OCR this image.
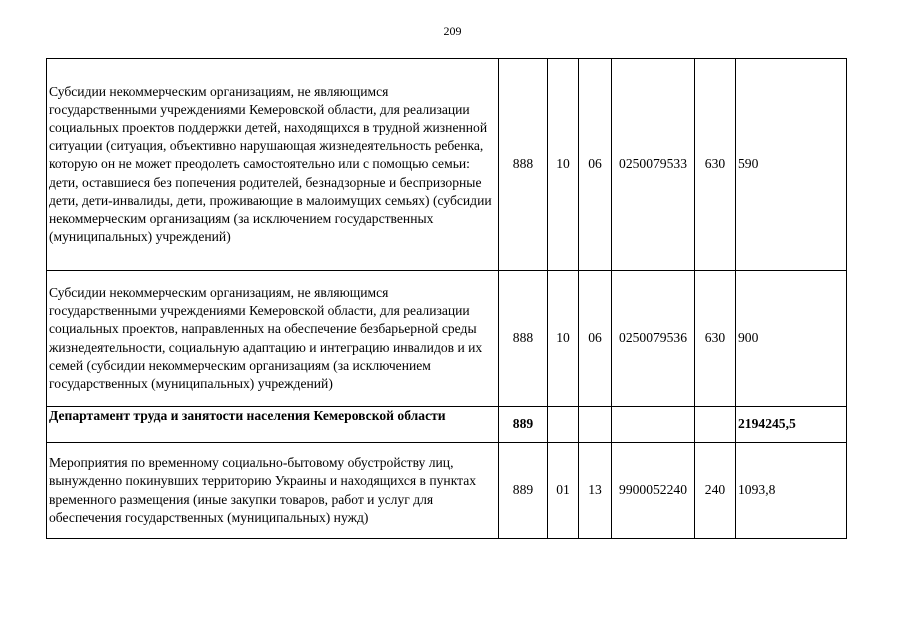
209
Субсидии некоммерческим организациям, не являющимся государственными учреждениями Кемеровской области, для реализации социальных проектов поддержки детей, находящихся в трудной жизненной ситуации (ситуация, объективно нарушающая жизнедеятельность ребенка, которую он не может преодолеть самостоятельно или с помощью семьи: дети, оставшиеся без попечения родителей, безнадзорные и беспризорные дети, дети-инвалиды, дети, проживающие в малоимущих семьях) (субсидии некоммерческим организациям (за исключением государственных (муниципальных) учреждений)	888	10	06	0250079533	630	590
Субсидии некоммерческим организациям, не являющимся государственными учреждениями Кемеровской области, для реализации социальных проектов, направленных на обеспечение безбарьерной среды жизнедеятельности, социальную адаптацию и интеграцию инвалидов и их семей (субсидии некоммерческим организациям (за исключением государственных (муниципальных) учреждений)	888	10	06	0250079536	630	900
Департамент труда и занятости населения Кемеровской области	889					2194245,5
Мероприятия по временному социально-бытовому обустройству лиц, вынужденно покинувших территорию Украины и находящихся в пунктах временного размещения (иные закупки товаров, работ и услуг для обеспечения государственных (муниципальных) нужд)	889	01	13	9900052240	240	1093,8
